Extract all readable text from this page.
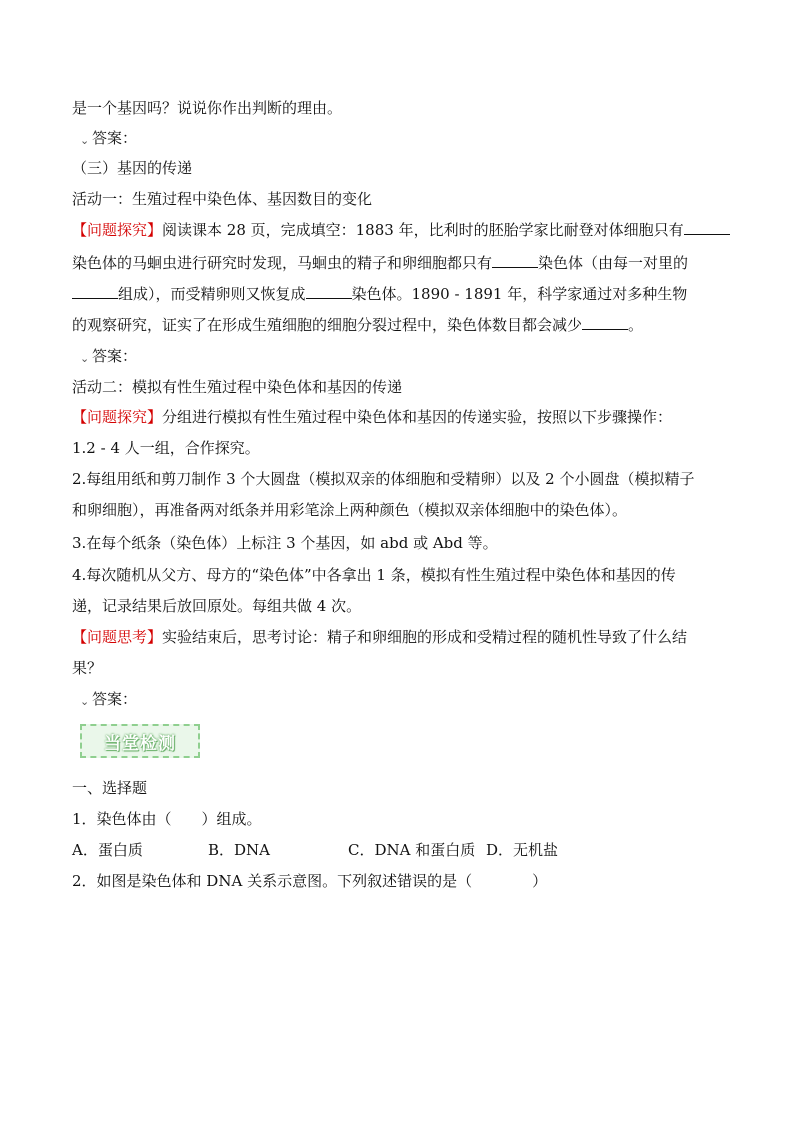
是一个基因吗？说说你作出判断的理由。
⌄ 答案：
（三）基因的传递
活动一：生殖过程中染色体、基因数目的变化
【问题探究】阅读课本 28 页，完成填空：1883 年，比利时的胚胎学家比耐登对体细胞只有
染色体的马蛔虫进行研究时发现，马蛔虫的精子和卵细胞都只有	染色体（由每一对里的
组成），而受精卵则又恢复成	染色体。1890 - 1891 年，科学家通过对多种生物
的观察研究，证实了在形成生殖细胞的细胞分裂过程中，染色体数目都会减少	。
⌄ 答案：
活动二：模拟有性生殖过程中染色体和基因的传递
【问题探究】分组进行模拟有性生殖过程中染色体和基因的传递实验，按照以下步骤操作：
1.2 - 4 人一组，合作探究。
2.每组用纸和剪刀制作 3 个大圆盘（模拟双亲的体细胞和受精卵）以及 2 个小圆盘（模拟精子
和卵细胞），再准备两对纸条并用彩笔涂上两种颜色（模拟双亲体细胞中的染色体）。
3.在每个纸条（染色体）上标注 3 个基因，如 abd 或 Abd 等。
4.每次随机从父方、母方的“染色体”中各拿出 1 条，模拟有性生殖过程中染色体和基因的传
递，记录结果后放回原处。每组共做 4 次。
【问题思考】实验结束后，思考讨论：精子和卵细胞的形成和受精过程的随机性导致了什么结
果？
⌄ 答案：
当堂检测
一、选择题
1．染色体由（　　）组成。
A．蛋白质	B．DNA	C．DNA 和蛋白质 D．无机盐
2．如图是染色体和 DNA 关系示意图。下列叙述错误的是（　　　　）
